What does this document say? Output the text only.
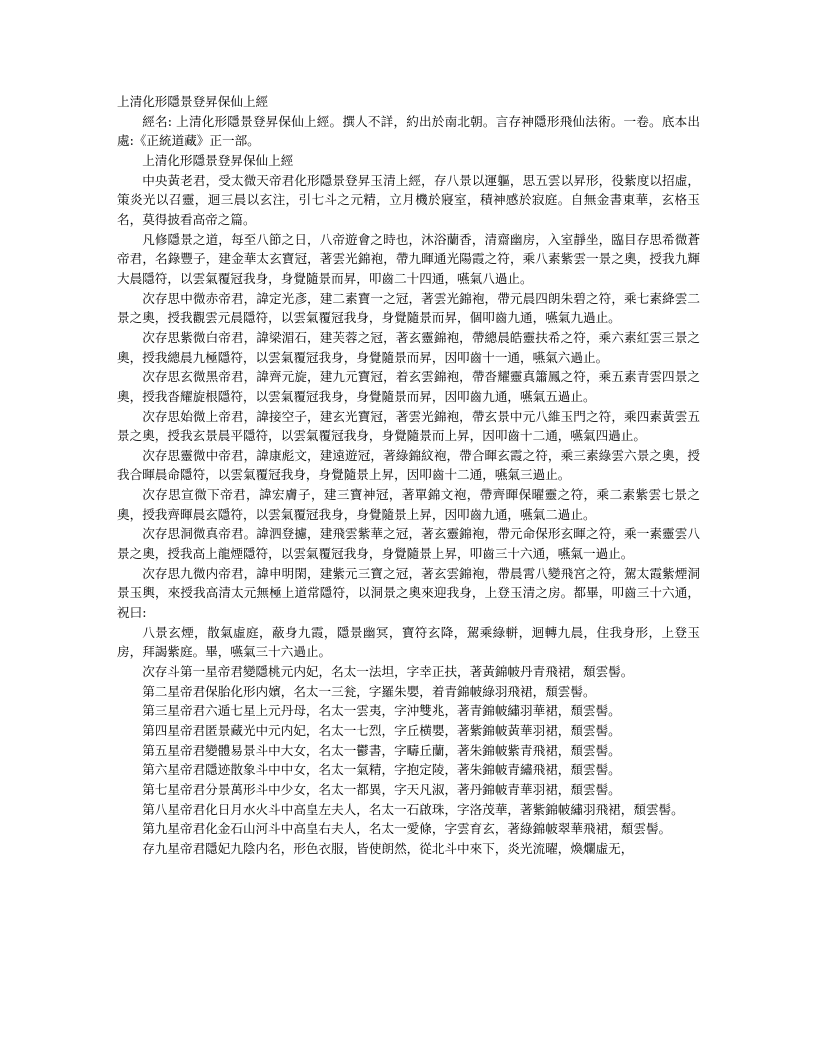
上清化形隱景登昇保仙上經

經名: 上清化形隱景登昇保仙上經。撰人不詳，約出於南北朝。言存神隱形飛仙法術。一卷。底本出處:《正統道藏》正一部。

上清化形隱景登昇保仙上經

中央黃老君，受太微天帝君化形隱景登昇玉清上經，存八景以運軀，思五雲以昇形，役紫度以招虛，策炎光以召靈，迴三晨以玄注，引七斗之元精，立月機於寢室，積神感於寂庭。自無金書東華，玄格玉名，莫得披看高帝之篇。

凡修隱景之道，每至八節之日，八帝遊會之時也，沐浴蘭香，清齋幽房，入室靜坐，臨目存思希微蒼帝君，名錄豐子，建金華太玄寶冠，著雲光錦袍，帶九暉通光陽霞之符，乘八素紫雲一景之奧，授我九輝大晨隱符，以雲氣覆冠我身，身覺隨景而昇，叩齒二十四通，嚥氣八過止。

次存思中微赤帝君，諱定光彥，建二素寶一之冠，著雲光錦袍，帶元晨四朗朱碧之符，乘七素絳雲二景之奧，授我觀雲元晨隱符，以雲氣覆冠我身，身覺隨景而昇，個叩齒九通，嚥氣九過止。

次存思紫微白帝君，諱梁湄石，建芙蓉之冠，著玄靈錦袍，帶總晨皓靈扶希之符，乘六素紅雲三景之奧，授我總晨九極隱符，以雲氣覆冠我身，身覺隨景而昇，因叩齒十一通，嚥氣六過止。

次存思玄微黑帝君，諱齊元旋，建九元寶冠，着玄雲錦袍，帶沓耀靈真簫鳳之符，乘五素青雲四景之奧，授我沓耀旋根隱符，以雲氣覆冠我身，身覺隨景而昇，因叩齒九通，嚥氣五過止。

次存思始微上帝君，諱接空子，建玄光寶冠，著雲光錦袍，帶玄景中元八維玉門之符，乘四素黃雲五景之奧，授我玄景晨平隱符，以雲氣覆冠我身，身覺隨景而上昇，因叩齒十二通，嚥氣四過止。

次存思靈微中帝君，諱康彪文，建遠遊冠，著綠錦紋袍，帶合暉玄霞之符，乘三素綠雲六景之奧，授我合暉晨命隱符，以雲氣覆冠我身，身覺隨景上昇，因叩齒十二通，嚥氣三過止。

次存思宣微下帝君，諱宏膚子，建三寶神冠，著單錦文袍，帶齊暉保曜靈之符，乘二素紫雲七景之奧，授我齊暉晨玄隱符，以雲氣覆冠我身，身覺隨景上昇，因叩齒九通，嚥氣二過止。

次存思洞微真帝君。諱泗登攄，建飛雲紫華之冠，著玄靈錦袍，帶元命保形玄暉之符，乘一素靈雲八景之奧，授我高上龍煙隱符，以雲氣覆冠我身，身覺隨景上昇，叩齒三十六通，嚥氣一過止。

次存思九微内帝君，諱申明閑，建紫元三寶之冠，著玄雲錦袍，帶晨霄八變飛宮之符，駕太霞紫煙洞景玉輿，來授我高清太元無極上道常隱符，以洞景之奧來迎我身，上登玉清之房。都畢，叩齒三十六通，祝曰:

八景玄煙，散氣虛庭，蔽身九霞，隱景幽冥，寶符玄降，駕乘綠軿，迴轉九晨，住我身形，上登玉房，拜謁紫庭。畢，嚥氣三十六過止。

次存斗第一星帝君變隱桃元内妃，名太一法坦，字幸正扶，著黃錦帔丹青飛裙，頹雲髻。

第二星帝君保胎化形内嬪，名太一三瓮，字羅朱嬰，着青錦帔綠羽飛裙，頹雲髻。

第三星帝君六遁七星上元丹母，名太一雲夷，字沖雙兆，著青錦帔繡羽華裙，頹雲髻。

第四星帝君匿景藏光中元内妃，名太一七烈，字丘横嬰，著紫錦帔黃華羽裙，頹雲髻。

第五星帝君變體易景斗中大女，名太一鬱書，字疇丘蘭，著朱錦帔紫青飛裙，頹雲髻。

第六星帝君隱迹散象斗中中女，名太一氣精，字抱定陵，著朱錦帔青繡飛裙，頹雲髻。

第七星帝君分景萬形斗中少女，名太一都異，字天凡淑，著丹錦帔青華羽裙，頹雲髻。

第八星帝君化日月水火斗中高皇左夫人，名太一石啟珠，字洛茂華，著紫錦帔繡羽飛裙，頹雲髻。

第九星帝君化金石山河斗中高皇右夫人，名太一愛條，字雲育玄，著綠錦帔翠華飛裙，頹雲髻。

存九星帝君隱妃九陰内名，形色衣服，皆使朗然，從北斗中來下，炎光流曜，煥爛虛无，
